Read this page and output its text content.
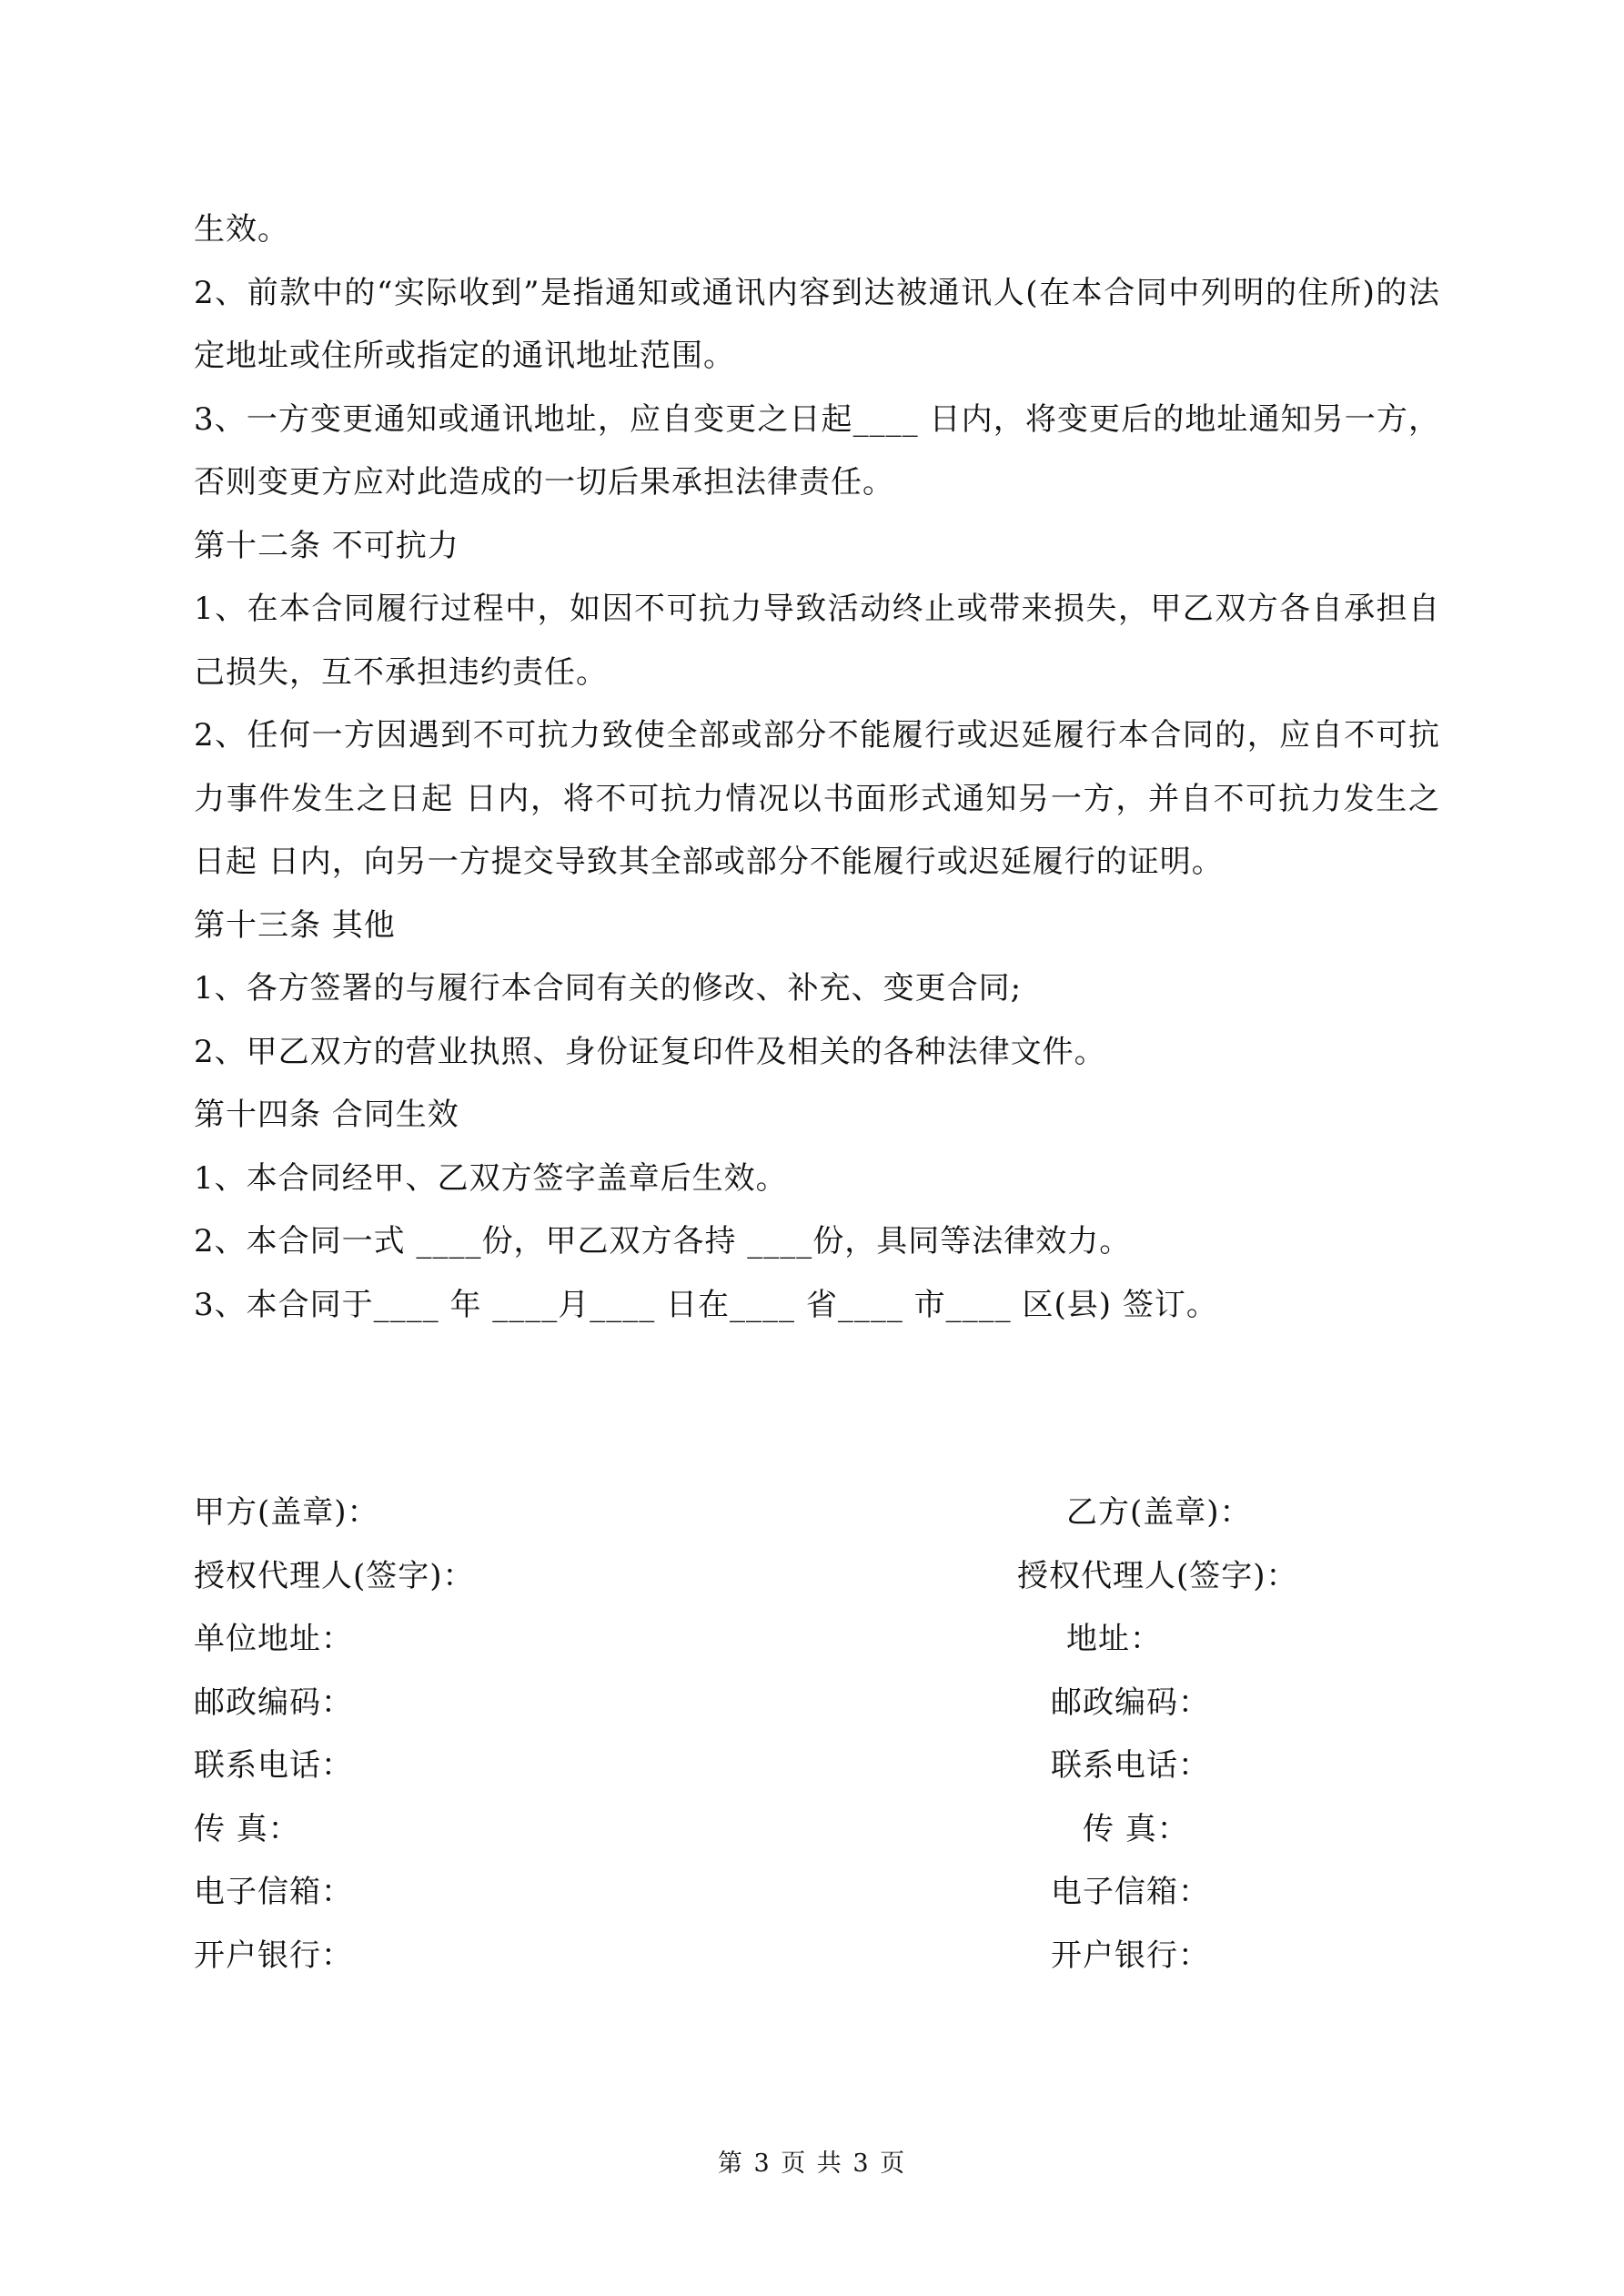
生效。

2、前款中的“实际收到”是指通知或通讯内容到达被通讯人(在本合同中列明的住所)的法定地址或住所或指定的通讯地址范围。

3、一方变更通知或通讯地址，应自变更之日起____ 日内，将变更后的地址通知另一方，否则变更方应对此造成的一切后果承担法律责任。

第十二条 不可抗力

1、在本合同履行过程中，如因不可抗力导致活动终止或带来损失，甲乙双方各自承担自己损失，互不承担违约责任。

2、任何一方因遇到不可抗力致使全部或部分不能履行或迟延履行本合同的，应自不可抗力事件发生之日起 日内，将不可抗力情况以书面形式通知另一方，并自不可抗力发生之日起 日内，向另一方提交导致其全部或部分不能履行或迟延履行的证明。

第十三条 其他

1、各方签署的与履行本合同有关的修改、补充、变更合同;

2、甲乙双方的营业执照、身份证复印件及相关的各种法律文件。

第十四条 合同生效

1、本合同经甲、乙双方签字盖章后生效。

2、本合同一式 ____份，甲乙双方各持 ____份，具同等法律效力。

3、本合同于____ 年 ____月____ 日在____ 省____ 市____ 区(县) 签订。

甲方(盖章)：	乙方(盖章)：
授权代理人(签字)：	授权代理人(签字)：
单位地址：	地址：
邮政编码：	邮政编码：
联系电话：	联系电话：
传 真：	传 真：
电子信箱：	电子信箱：
开户银行：	开户银行：
第 3 页 共 3 页
